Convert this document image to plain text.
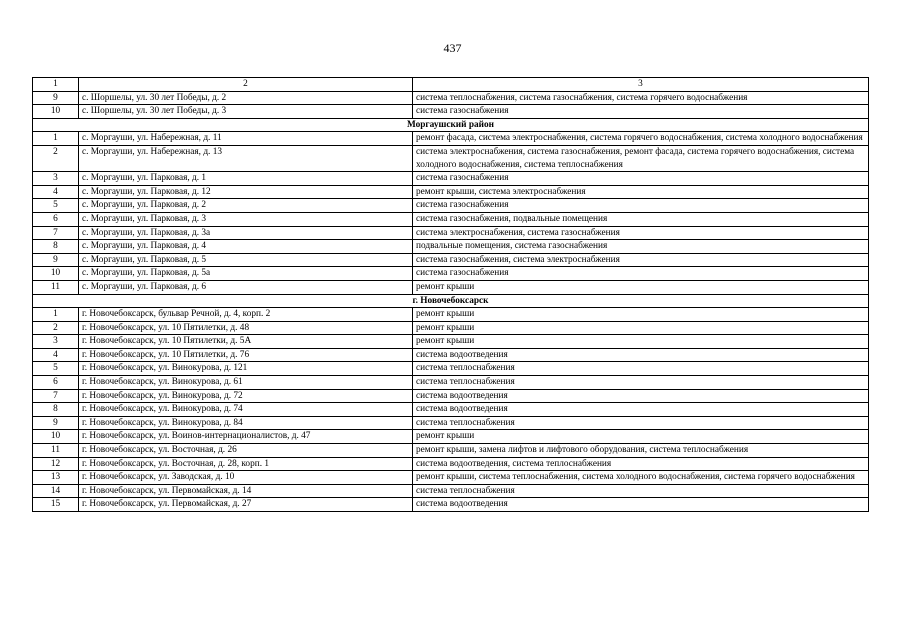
437
1	2	3
9	с. Шоршелы, ул. 30 лет Победы, д. 2	система теплоснабжения, система газоснабжения, система горячего водоснабжения
10	с. Шоршелы, ул. 30 лет Победы, д. 3	система газоснабжения
Моргаушский район		
1	с. Моргауши, ул. Набережная, д. 11	ремонт фасада, система электроснабжения, система горячего водоснабжения, система холодного водоснабжения
2	с. Моргауши, ул. Набережная, д. 13	система электроснабжения, система газоснабжения, ремонт фасада, система горячего водоснабжения, система холодного водоснабжения, система теплоснабжения
3	с. Моргауши, ул. Парковая, д. 1	система газоснабжения
4	с. Моргауши, ул. Парковая, д. 12	ремонт крыши, система электроснабжения
5	с. Моргауши, ул. Парковая, д. 2	система газоснабжения
6	с. Моргауши, ул. Парковая, д. 3	система газоснабжения, подвальные помещения
7	с. Моргауши, ул. Парковая, д. 3а	система электроснабжения, система газоснабжения
8	с. Моргауши, ул. Парковая, д. 4	подвальные помещения, система газоснабжения
9	с. Моргауши, ул. Парковая, д. 5	система газоснабжения, система электроснабжения
10	с. Моргауши, ул. Парковая, д. 5а	система газоснабжения
11	с. Моргауши, ул. Парковая, д. 6	ремонт крыши
г. Новочебоксарск		
1	г. Новочебоксарск, бульвар Речной, д. 4, корп. 2	ремонт крыши
2	г. Новочебоксарск, ул. 10 Пятилетки, д. 48	ремонт крыши
3	г. Новочебоксарск, ул. 10 Пятилетки, д. 5А	ремонт крыши
4	г. Новочебоксарск, ул. 10 Пятилетки, д. 76	система водоотведения
5	г. Новочебоксарск, ул. Винокурова, д. 121	система теплоснабжения
6	г. Новочебоксарск, ул. Винокурова, д. 61	система теплоснабжения
7	г. Новочебоксарск, ул. Винокурова, д. 72	система водоотведения
8	г. Новочебоксарск, ул. Винокурова, д. 74	система водоотведения
9	г. Новочебоксарск, ул. Винокурова, д. 84	система теплоснабжения
10	г. Новочебоксарск, ул. Воинов-интернационалистов, д. 47	ремонт крыши
11	г. Новочебоксарск, ул. Восточная, д. 26	ремонт крыши, замена лифтов и лифтового оборудования, система теплоснабжения
12	г. Новочебоксарск, ул. Восточная, д. 28, корп. 1	система водоотведения, система теплоснабжения
13	г. Новочебоксарск, ул. Заводская, д. 10	ремонт крыши, система теплоснабжения, система холодного водоснабжения, система горячего водоснабжения
14	г. Новочебоксарск, ул. Первомайская, д. 14	система теплоснабжения
15	г. Новочебоксарск, ул. Первомайская, д. 27	система водоотведения
